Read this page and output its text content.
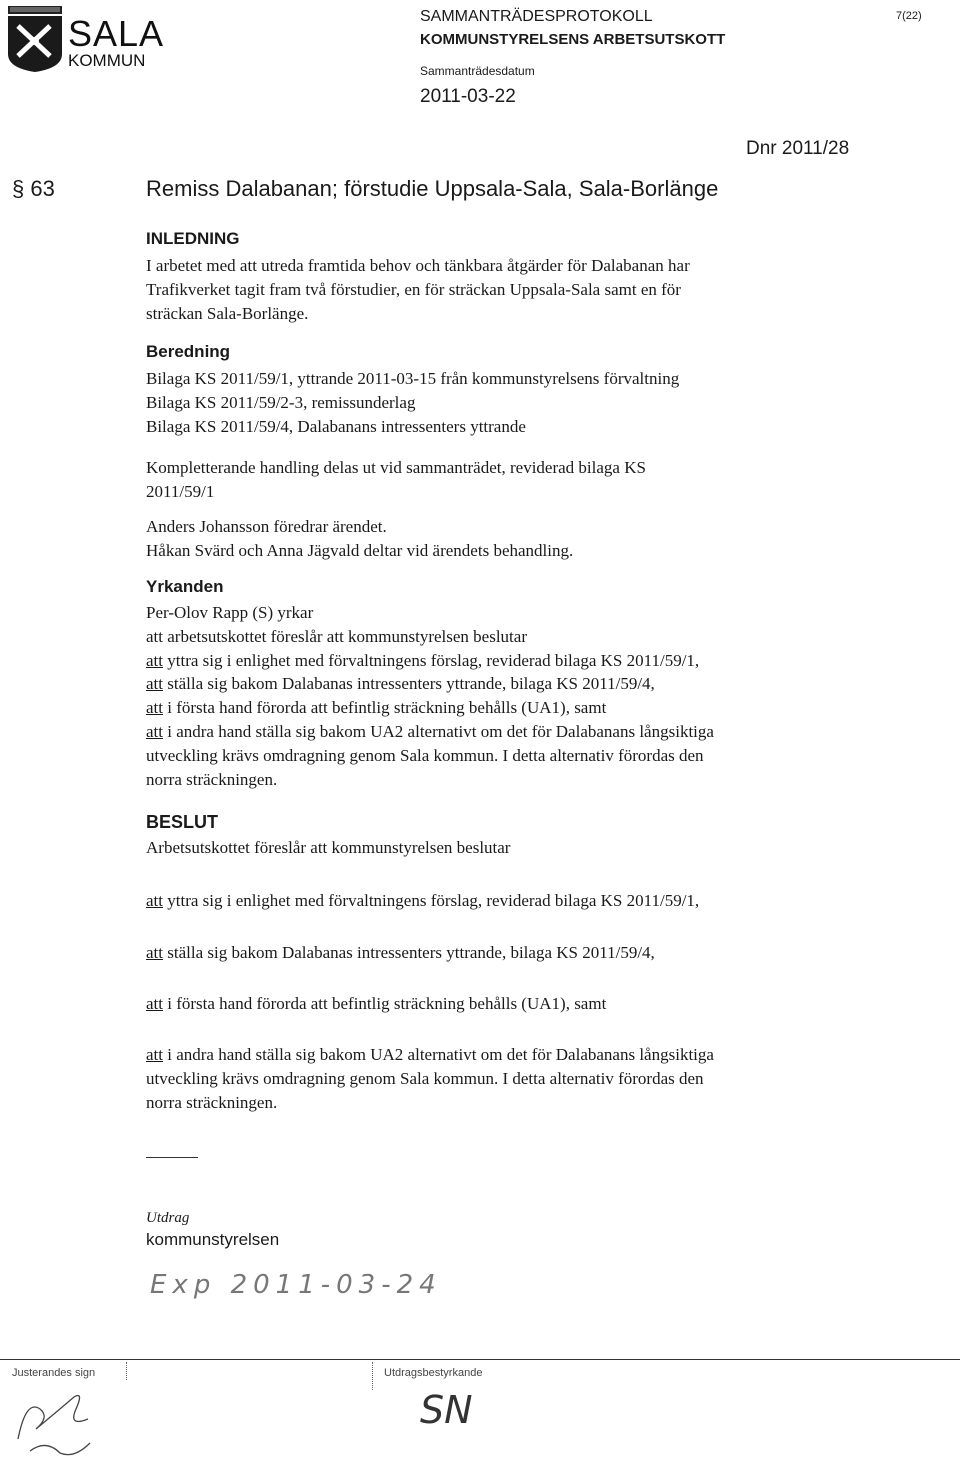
SALA
KOMMUN
SAMMANTRÄDESPROTOKOLL
KOMMUNSTYRELSENS ARBETSUTSKOTT
Sammanträdesdatum
2011-03-22
7(22)
Dnr 2011/28
§ 63	Remiss Dalabanan; förstudie Uppsala-Sala, Sala-Borlänge
INLEDNING
I arbetet med att utreda framtida behov och tänkbara åtgärder för Dalabanan har
Trafikverket tagit fram två förstudier, en för sträckan Uppsala-Sala samt en för
sträckan Sala-Borlänge.
Beredning
Bilaga KS 2011/59/1, yttrande 2011-03-15 från kommunstyrelsens förvaltning
Bilaga KS 2011/59/2-3, remissunderlag
Bilaga KS 2011/59/4, Dalabanans intressenters yttrande
Kompletterande handling delas ut vid sammanträdet, reviderad bilaga KS
2011/59/1
Anders Johansson föredrar ärendet.
Håkan Svärd och Anna Jägvald deltar vid ärendets behandling.
Yrkanden
Per-Olov Rapp (S) yrkar
att arbetsutskottet föreslår att kommunstyrelsen beslutar
att yttra sig i enlighet med förvaltningens förslag, reviderad bilaga KS 2011/59/1,
att ställa sig bakom Dalabanas intressenters yttrande, bilaga KS 2011/59/4,
att i första hand förorda att befintlig sträckning behålls (UA1), samt
att i andra hand ställa sig bakom UA2 alternativt om det för Dalabanans långsiktiga
utveckling krävs omdragning genom Sala kommun. I detta alternativ förordas den
norra sträckningen.
BESLUT
Arbetsutskottet föreslår att kommunstyrelsen beslutar
att yttra sig i enlighet med förvaltningens förslag, reviderad bilaga KS 2011/59/1,
att ställa sig bakom Dalabanas intressenters yttrande, bilaga KS 2011/59/4,
att i första hand förorda att befintlig sträckning behålls (UA1), samt
att i andra hand ställa sig bakom UA2 alternativt om det för Dalabanans långsiktiga
utveckling krävs omdragning genom Sala kommun. I detta alternativ förordas den
norra sträckningen.
Utdrag
kommunstyrelsen
Exp 2011-03-24
Justerandes sign	Utdragsbestyrkande
SN
